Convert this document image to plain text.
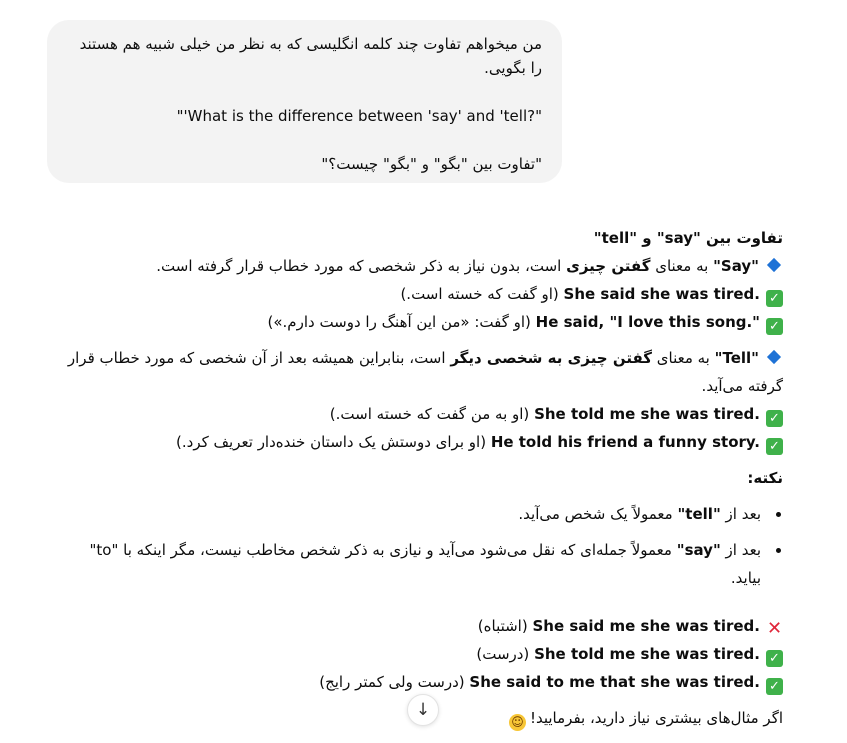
من میخواهم تفاوت چند کلمه انگلیسی که به نظر من خیلی شبیه هم هستند را بگویی.

"?What is the difference between 'say' and 'tell'"

"تفاوت بین "بگو" و "بگو" چیست؟"

تفاوت بین "say" و "tell"

"Say" به معنای گفتن چیزی است، بدون نیاز به ذکر شخصی که مورد خطاب قرار گرفته است.

✓She said she was tired. (او گفت که خسته است.)

✓He said, "I love this song." (او گفت: «من این آهنگ را دوست دارم.»)

"Tell" به معنای گفتن چیزی به شخصی دیگر است، بنابراین همیشه بعد از آن شخصی که مورد خطاب قرار گرفته می‌آید.

✓She told me she was tired. (او به من گفت که خسته است.)

✓He told his friend a funny story. (او برای دوستش یک داستان خنده‌دار تعریف کرد.)

نکته:

بعد از "tell" معمولاً یک شخص می‌آید.
بعد از "say" معمولاً جمله‌ای که نقل می‌شود می‌آید و نیازی به ذکر شخص مخاطب نیست، مگر اینکه با "to" بیاید.

✕She said me she was tired. (اشتباه)

✓She told me she was tired. (درست)

✓She said to me that she was tired. (درست ولی کمتر رایج)

اگر مثال‌های بیشتری نیاز دارید، بفرمایید!☺

↓
